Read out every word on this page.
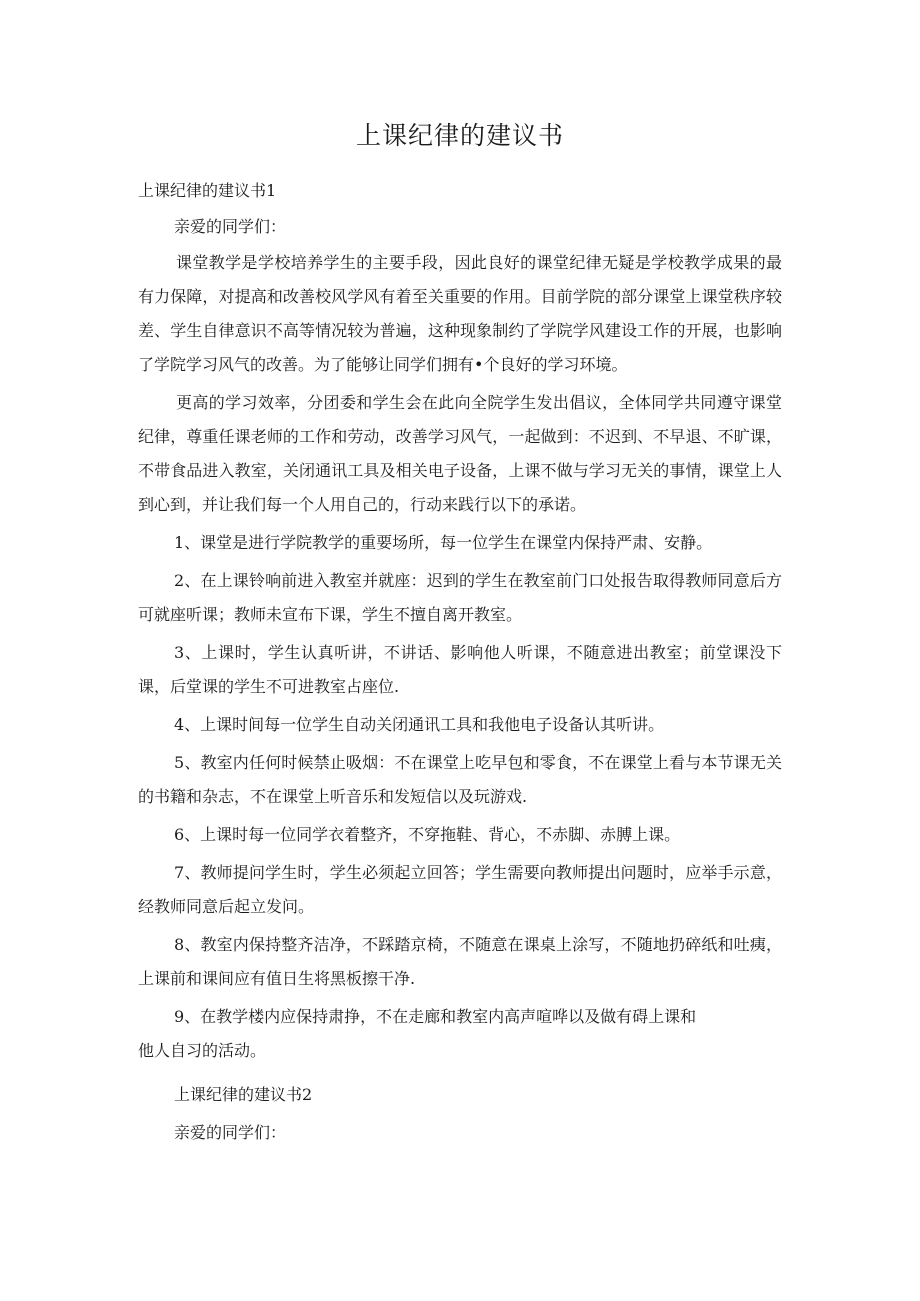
上课纪律的建议书

上课纪律的建议书1

亲爱的同学们：

课堂教学是学校培养学生的主要手段，因此良好的课堂纪律无疑是学校教学成果的最有力保障，对提高和改善校风学风有着至关重要的作用。目前学院的部分课堂上课堂秩序较差、学生自律意识不高等情况较为普遍，这种现象制约了学院学风建设工作的开展，也影响了学院学习风气的改善。为了能够让同学们拥有•个良好的学习环境。

更高的学习效率，分团委和学生会在此向全院学生发出倡议，全体同学共同遵守课堂纪律，尊重任课老师的工作和劳动，改善学习风气，一起做到：不迟到、不早退、不旷课，不带食品进入教室，关闭通讯工具及相关电子设备，上课不做与学习无关的事情，课堂上人到心到，并让我们每一个人用自己的，行动来践行以下的承诺。

1、课堂是进行学院教学的重要场所，每一位学生在课堂内保持严肃、安静。

2、在上课铃响前进入教室并就座：迟到的学生在教室前门口处报告取得教师同意后方可就座听课；教师未宣布下课，学生不擅自离开教室。

3、上课时，学生认真听讲，不讲话、影响他人听课，不随意进出教室；前堂课没下课，后堂课的学生不可进教室占座位.

4、上课时间每一位学生自动关闭通讯工具和我他电子设备认其听讲。

5、教室内任何时候禁止吸烟：不在课堂上吃早包和零食，不在课堂上看与本节课无关的书籍和杂志，不在课堂上听音乐和发短信以及玩游戏.

6、上课时每一位同学衣着整齐，不穿拖鞋、背心，不赤脚、赤膊上课。

7、教师提问学生时，学生必须起立回答；学生需要向教师提出问题时，应举手示意，经教师同意后起立发问。

8、教室内保持整齐洁净，不踩踏京椅，不随意在课桌上涂写，不随地扔碎纸和吐痍，上课前和课间应有值日生将黑板擦干净.

9、在教学楼内应保持肃挣，不在走廊和教室内高声喧哗以及做有碍上课和

他人自习的活动。

上课纪律的建议书2

亲爱的同学们：
